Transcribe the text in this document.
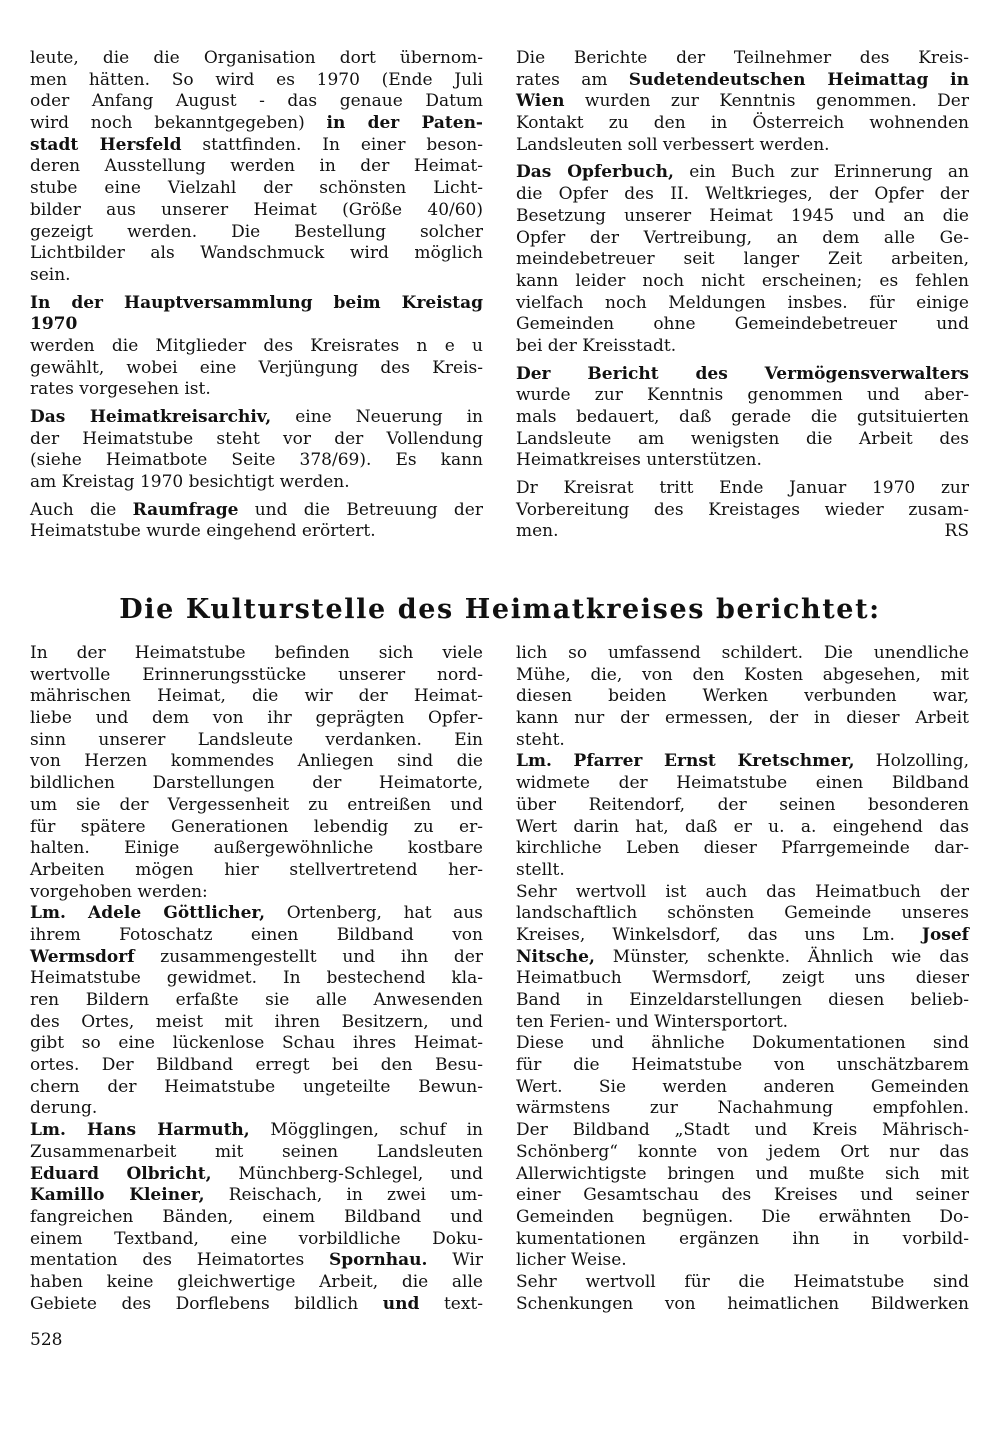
leute, die die Organisation dort übernom-
men hätten. So wird es 1970 (Ende Juli
oder Anfang August - das genaue Datum
wird noch bekanntgegeben) in der Paten-
stadt Hersfeld stattfinden. In einer beson-
deren Ausstellung werden in der Heimat-
stube eine Vielzahl der schönsten Licht-
bilder aus unserer Heimat (Größe 40/60)
gezeigt werden. Die Bestellung solcher
Lichtbilder als Wandschmuck wird möglich
sein.
In der Hauptversammlung beim Kreistag
1970
werden die Mitglieder des Kreisrates n e u
gewählt, wobei eine Verjüngung des Kreis-
rates vorgesehen ist.
Das Heimatkreisarchiv, eine Neuerung in
der Heimatstube steht vor der Vollendung
(siehe Heimatbote Seite 378/69). Es kann
am Kreistag 1970 besichtigt werden.
Auch die Raumfrage und die Betreuung der
Heimatstube wurde eingehend erörtert.
Die Berichte der Teilnehmer des Kreis-
rates am Sudetendeutschen Heimattag in
Wien wurden zur Kenntnis genommen. Der
Kontakt zu den in Österreich wohnenden
Landsleuten soll verbessert werden.
Das Opferbuch, ein Buch zur Erinnerung an
die Opfer des II. Weltkrieges, der Opfer der
Besetzung unserer Heimat 1945 und an die
Opfer der Vertreibung, an dem alle Ge-
meindebetreuer seit langer Zeit arbeiten,
kann leider noch nicht erscheinen; es fehlen
vielfach noch Meldungen insbes. für einige
Gemeinden ohne Gemeindebetreuer und
bei der Kreisstadt.
Der Bericht des Vermögensverwalters
wurde zur Kenntnis genommen und aber-
mals bedauert, daß gerade die gutsituierten
Landsleute am wenigsten die Arbeit des
Heimatkreises unterstützen.
Dr Kreisrat tritt Ende Januar 1970 zur
Vorbereitung des Kreistages wieder zusam-
men.	RS
Die Kulturstelle des Heimatkreises berichtet:
In der Heimatstube befinden sich viele
wertvolle Erinnerungsstücke unserer nord-
mährischen Heimat, die wir der Heimat-
liebe und dem von ihr geprägten Opfer-
sinn unserer Landsleute verdanken. Ein
von Herzen kommendes Anliegen sind die
bildlichen Darstellungen der Heimatorte,
um sie der Vergessenheit zu entreißen und
für spätere Generationen lebendig zu er-
halten. Einige außergewöhnliche kostbare
Arbeiten mögen hier stellvertretend her-
vorgehoben werden:
Lm. Adele Göttlicher, Ortenberg, hat aus
ihrem Fotoschatz einen Bildband von
Wermsdorf zusammengestellt und ihn der
Heimatstube gewidmet. In bestechend kla-
ren Bildern erfaßte sie alle Anwesenden
des Ortes, meist mit ihren Besitzern, und
gibt so eine lückenlose Schau ihres Heimat-
ortes. Der Bildband erregt bei den Besu-
chern der Heimatstube ungeteilte Bewun-
derung.
Lm. Hans Harmuth, Mögglingen, schuf in
Zusammenarbeit mit seinen Landsleuten
Eduard Olbricht, Münchberg-Schlegel, und
Kamillo Kleiner, Reischach, in zwei um-
fangreichen Bänden, einem Bildband und
einem Textband, eine vorbildliche Doku-
mentation des Heimatortes Spornhau. Wir
haben keine gleichwertige Arbeit, die alle
Gebiete des Dorflebens bildlich und text-
lich so umfassend schildert. Die unendliche
Mühe, die, von den Kosten abgesehen, mit
diesen beiden Werken verbunden war,
kann nur der ermessen, der in dieser Arbeit
steht.
Lm. Pfarrer Ernst Kretschmer, Holzolling,
widmete der Heimatstube einen Bildband
über Reitendorf, der seinen besonderen
Wert darin hat, daß er u. a. eingehend das
kirchliche Leben dieser Pfarrgemeinde dar-
stellt.
Sehr wertvoll ist auch das Heimatbuch der
landschaftlich schönsten Gemeinde unseres
Kreises, Winkelsdorf, das uns Lm. Josef
Nitsche, Münster, schenkte. Ähnlich wie das
Heimatbuch Wermsdorf, zeigt uns dieser
Band in Einzeldarstellungen diesen belieb-
ten Ferien- und Wintersportort.
Diese und ähnliche Dokumentationen sind
für die Heimatstube von unschätzbarem
Wert. Sie werden anderen Gemeinden
wärmstens zur Nachahmung empfohlen.
Der Bildband „Stadt und Kreis Mährisch-
Schönberg“ konnte von jedem Ort nur das
Allerwichtigste bringen und mußte sich mit
einer Gesamtschau des Kreises und seiner
Gemeinden begnügen. Die erwähnten Do-
kumentationen ergänzen ihn in vorbild-
licher Weise.
Sehr wertvoll für die Heimatstube sind
Schenkungen von heimatlichen Bildwerken
528
